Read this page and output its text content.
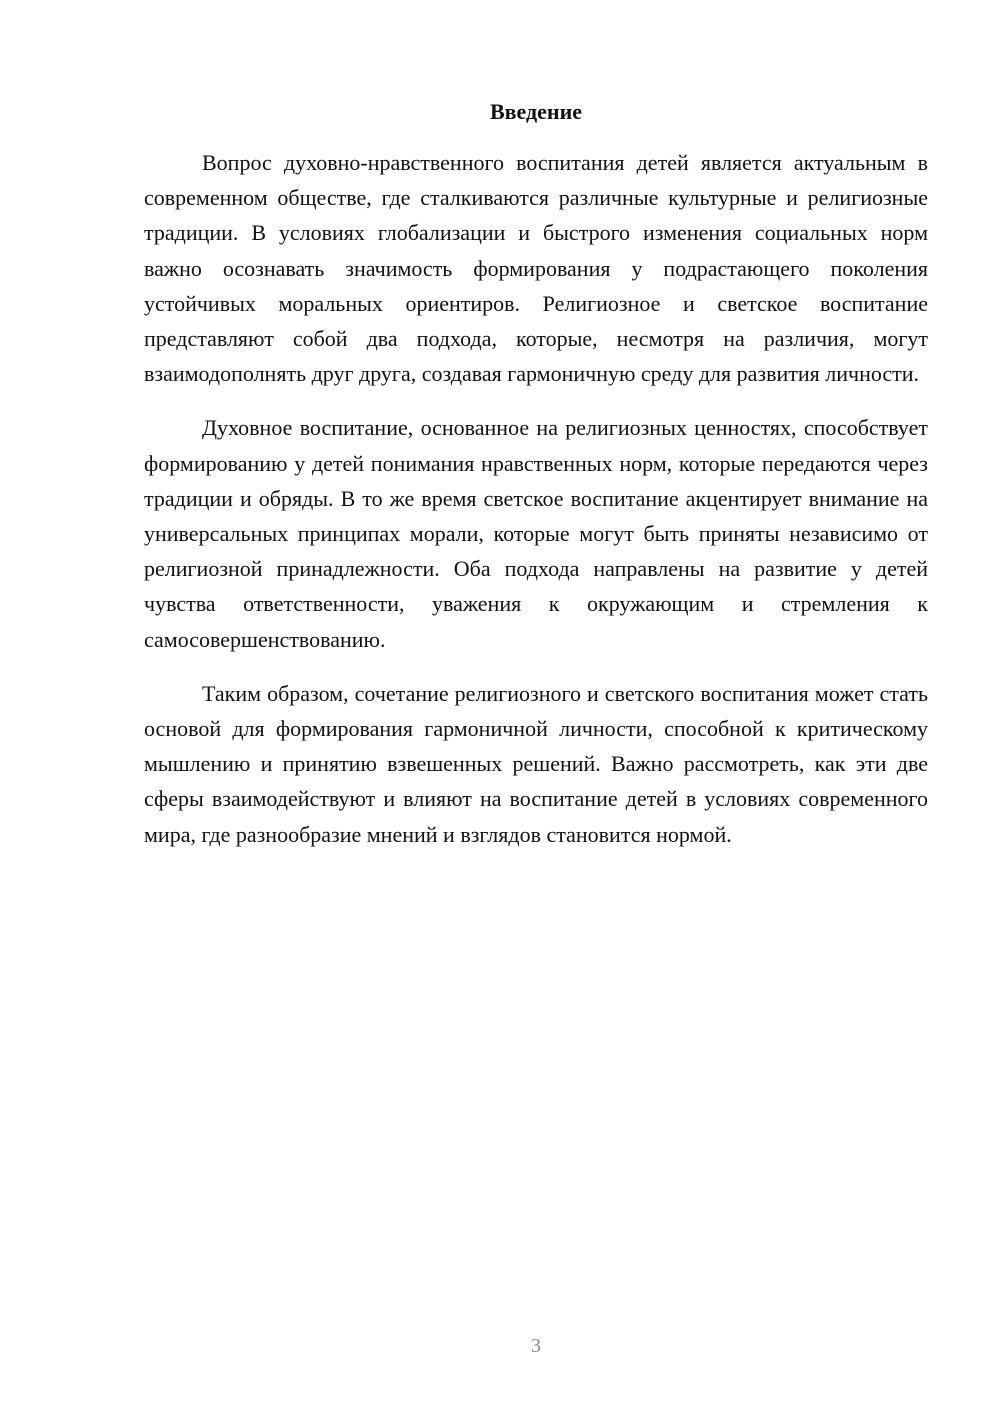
Введение

Вопрос духовно-нравственного воспитания детей является актуальным в современном обществе, где сталкиваются различные культурные и религиозные традиции. В условиях глобализации и быстрого изменения социальных норм важно осознавать значимость формирования у подрастающего поколения устойчивых моральных ориентиров. Религиозное и светское воспитание представляют собой два подхода, которые, несмотря на различия, могут взаимодополнять друг друга, создавая гармоничную среду для развития личности.

Духовное воспитание, основанное на религиозных ценностях, способствует формированию у детей понимания нравственных норм, которые передаются через традиции и обряды. В то же время светское воспитание акцентирует внимание на универсальных принципах морали, которые могут быть приняты независимо от религиозной принадлежности. Оба подхода направлены на развитие у детей чувства ответственности, уважения к окружающим и стремления к самосовершенствованию.

Таким образом, сочетание религиозного и светского воспитания может стать основой для формирования гармоничной личности, способной к критическому мышлению и принятию взвешенных решений. Важно рассмотреть, как эти две сферы взаимодействуют и влияют на воспитание детей в условиях современного мира, где разнообразие мнений и взглядов становится нормой.

3
